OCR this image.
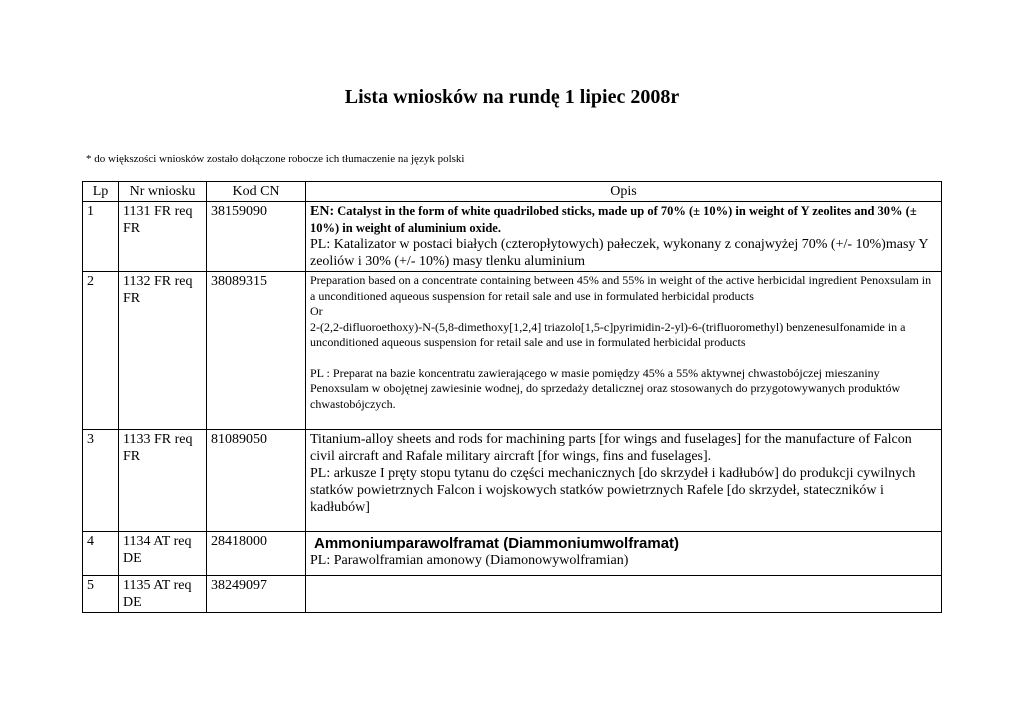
Lista wniosków na rundę 1 lipiec 2008r
* do większości wniosków zostało dołączone robocze ich tłumaczenie na język polski
Lp	Nr wniosku	Kod CN	Opis
1	1131 FR req FR	38159090	EN: Catalyst in the form of white quadrilobed sticks, made up of 70% (± 10%) in weight of Y zeolites and 30% (± 10%) in weight of aluminium oxide.
PL: Katalizator w postaci białych (czteropłytowych) pałeczek, wykonany z conajwyżej 70% (+/- 10%)masy Y zeoliów i 30% (+/- 10%) masy tlenku aluminium

2	1132 FR req FR	38089315	Preparation based on a concentrate containing between 45% and 55% in weight of the active herbicidal ingredient Penoxsulam in a unconditioned aqueous suspension for retail sale and use in formulated herbicidal products
Or
2-(2,2-difluoroethoxy)-N-(5,8-dimethoxy[1,2,4] triazolo[1,5-c]pyrimidin-2-yl)-6-(trifluoromethyl) benzenesulfonamide in a unconditioned aqueous suspension for retail sale and use in formulated herbicidal products
PL : Preparat na bazie koncentratu zawierającego w masie pomiędzy 45% a 55% aktywnej chwastobójczej mieszaniny Penoxsulam w obojętnej zawiesinie wodnej, do sprzedaży detalicznej oraz stosowanych do przygotowywanych produktów chwastobójczych.

3	1133 FR req FR	81089050	Titanium-alloy sheets and rods for machining parts [for wings and fuselages] for the manufacture of Falcon civil aircraft and Rafale military aircraft [for wings, fins and fuselages].
PL: arkusze I pręty stopu tytanu do części mechanicznych [do skrzydeł i kadłubów] do produkcji cywilnych statków powietrznych Falcon i wojskowych statków powietrznych Rafele [do skrzydeł, stateczników i kadłubów]

4	1134 AT req DE	28418000	Ammoniumparawolframat (Diammoniumwolframat)
PL: Parawolframian amonowy (Diamonowywolframian)

5	1135 AT req DE	38249097	
